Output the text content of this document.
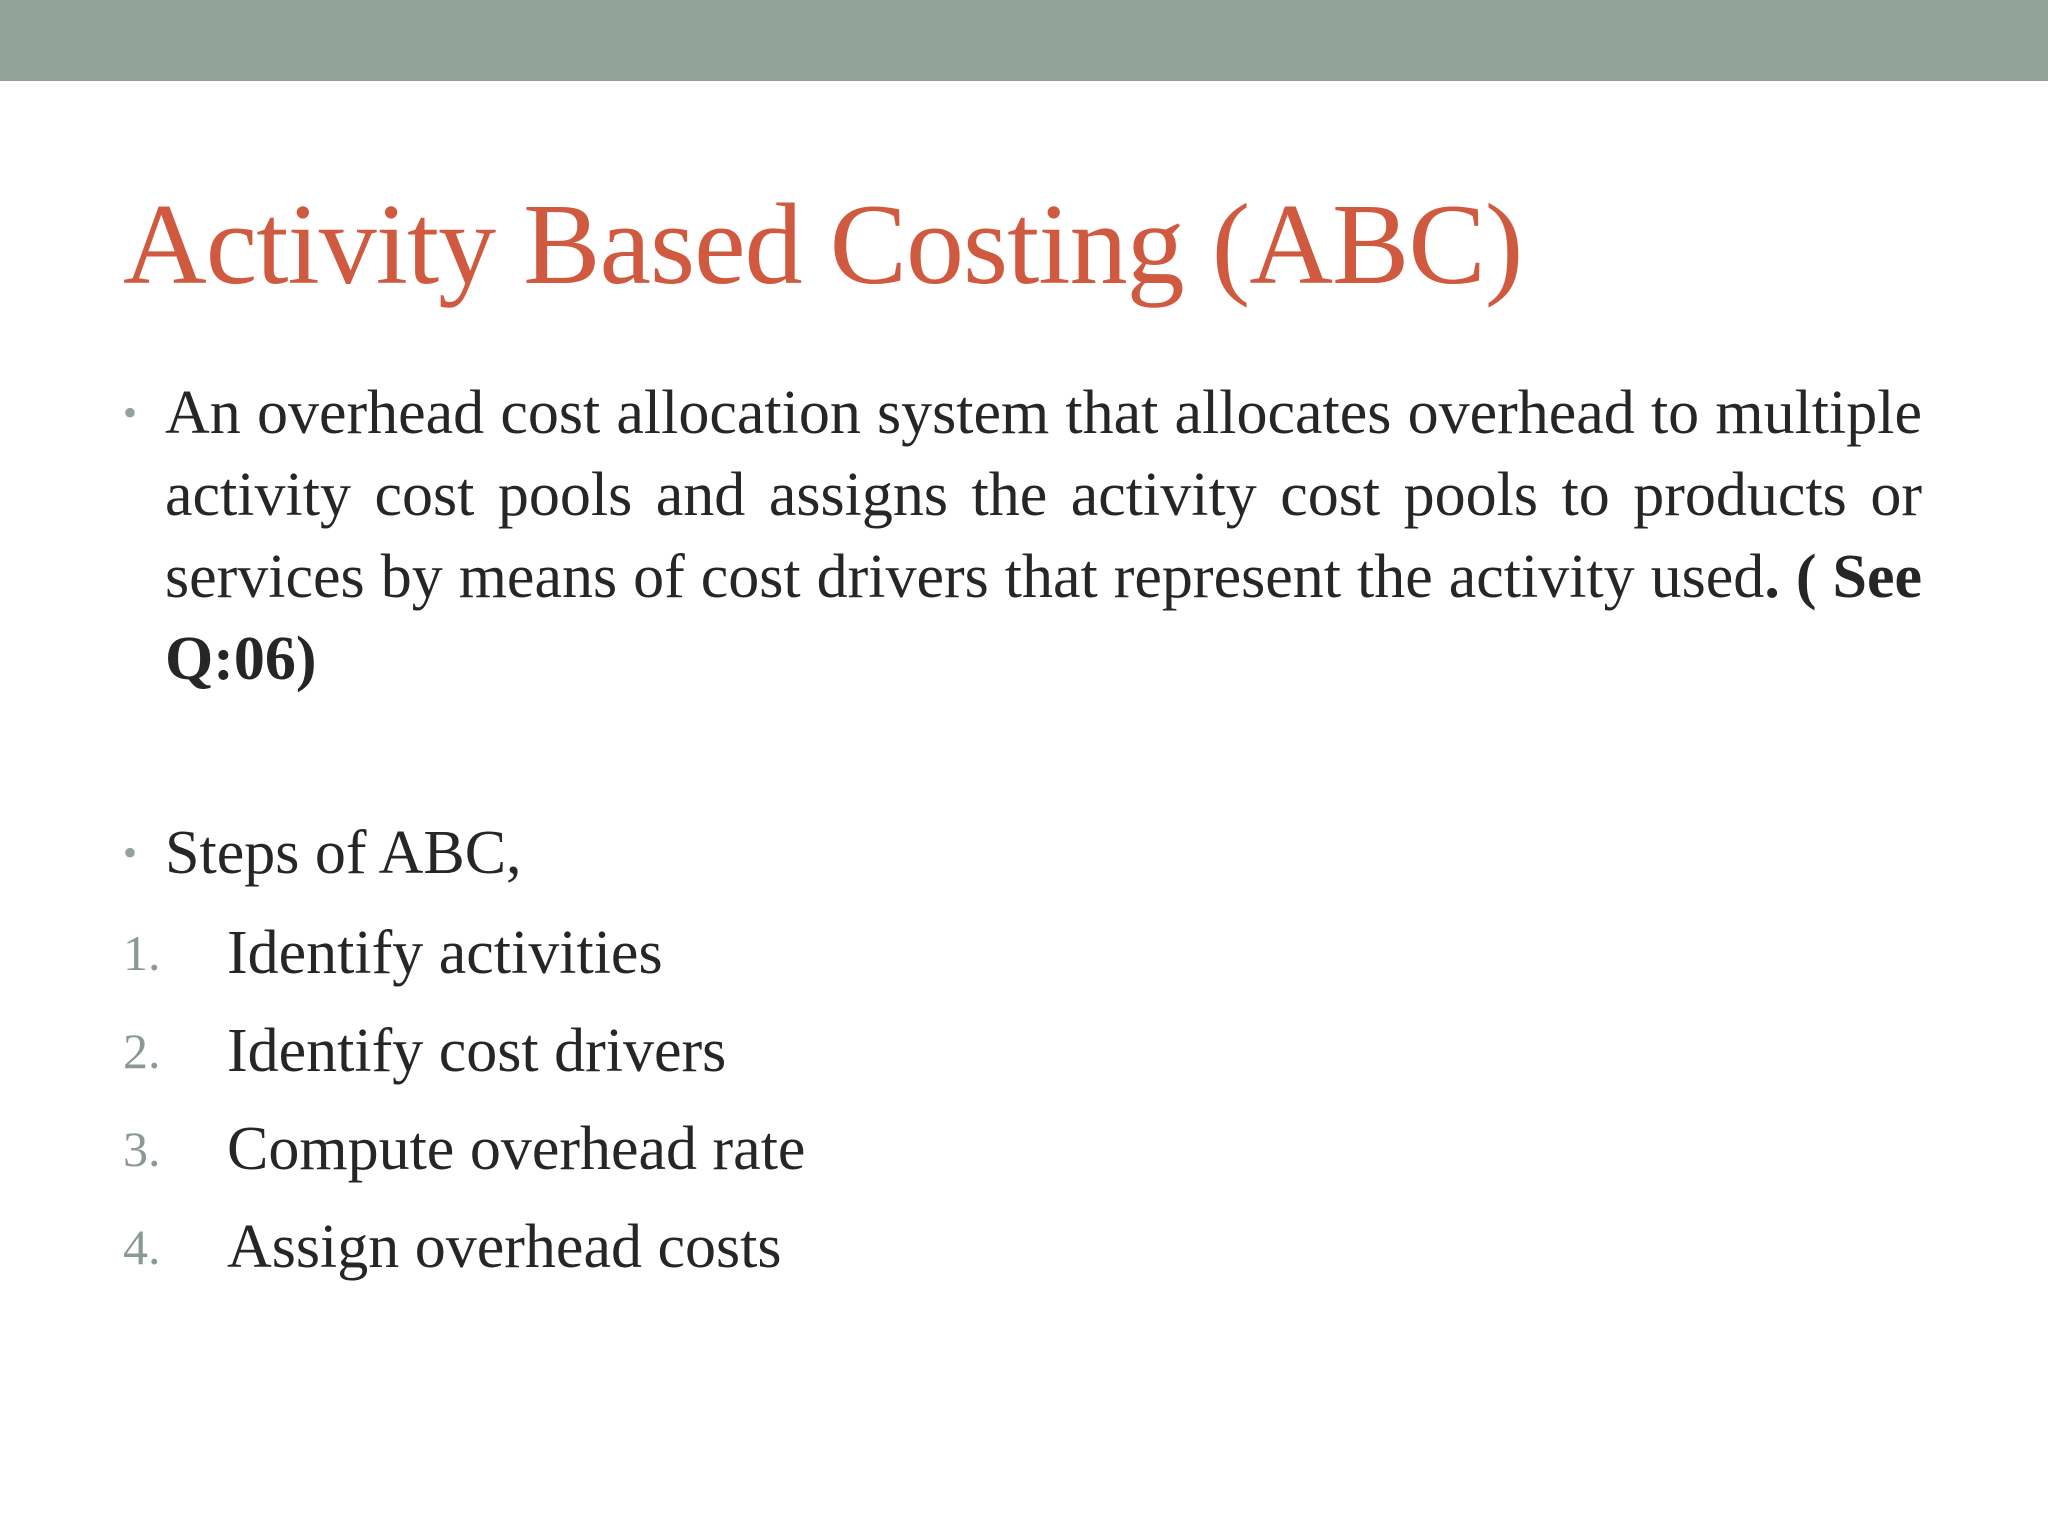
Activity Based Costing (ABC)
• An overhead cost allocation system that allocates overhead to multiple activity cost pools and assigns the activity cost pools to products or services by means of cost drivers that represent the activity used. ( See Q:06)

• Steps of ABC,
1. Identify activities
2. Identify cost drivers
3. Compute overhead rate
4. Assign overhead costs
